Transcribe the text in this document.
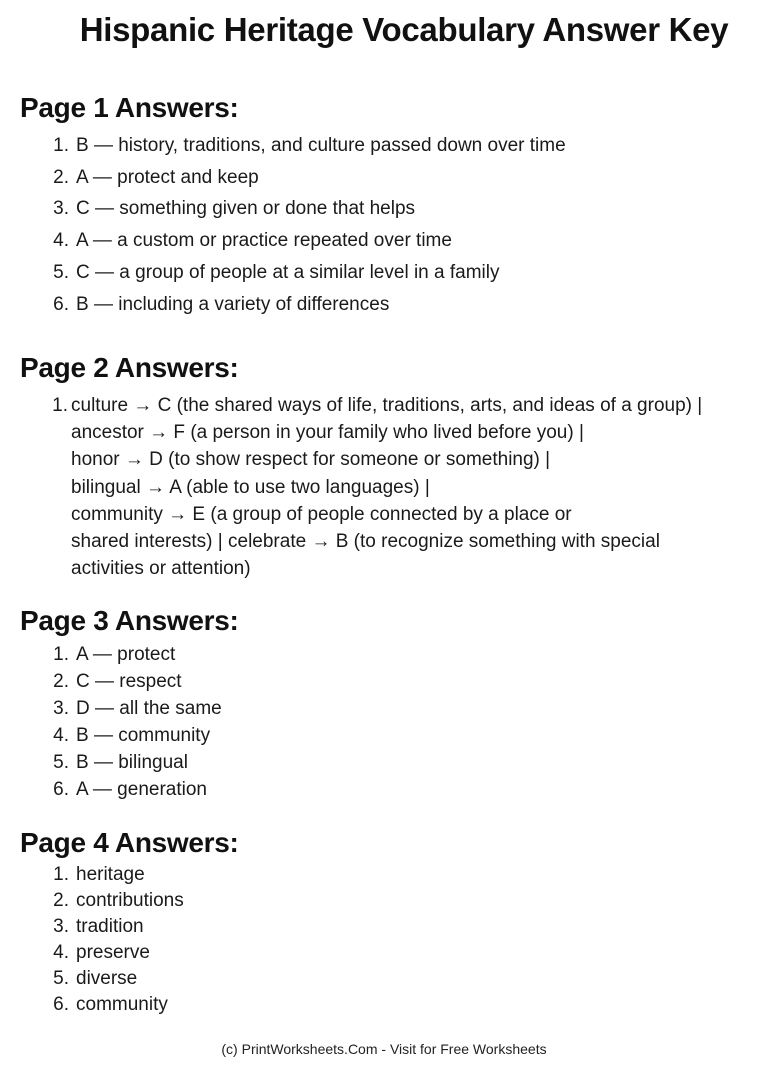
Hispanic Heritage Vocabulary Answer Key
Page 1 Answers:
1. B — history, traditions, and culture passed down over time
2. A — protect and keep
3. C — something given or done that helps
4. A — a custom or practice repeated over time
5. C — a group of people at a similar level in a family
6. B — including a variety of differences
Page 2 Answers:
1. culture → C (the shared ways of life, traditions, arts, and ideas of a group) |
ancestor → F (a person in your family who lived before you) |
honor → D (to show respect for someone or something) |
bilingual → A (able to use two languages) |
community → E (a group of people connected by a place or
shared interests) | celebrate → B (to recognize something with special
activities or attention)
Page 3 Answers:
1. A — protect
2. C — respect
3. D — all the same
4. B — community
5. B — bilingual
6. A — generation
Page 4 Answers:
1. heritage
2. contributions
3. tradition
4. preserve
5. diverse
6. community
(c) PrintWorksheets.Com - Visit for Free Worksheets
